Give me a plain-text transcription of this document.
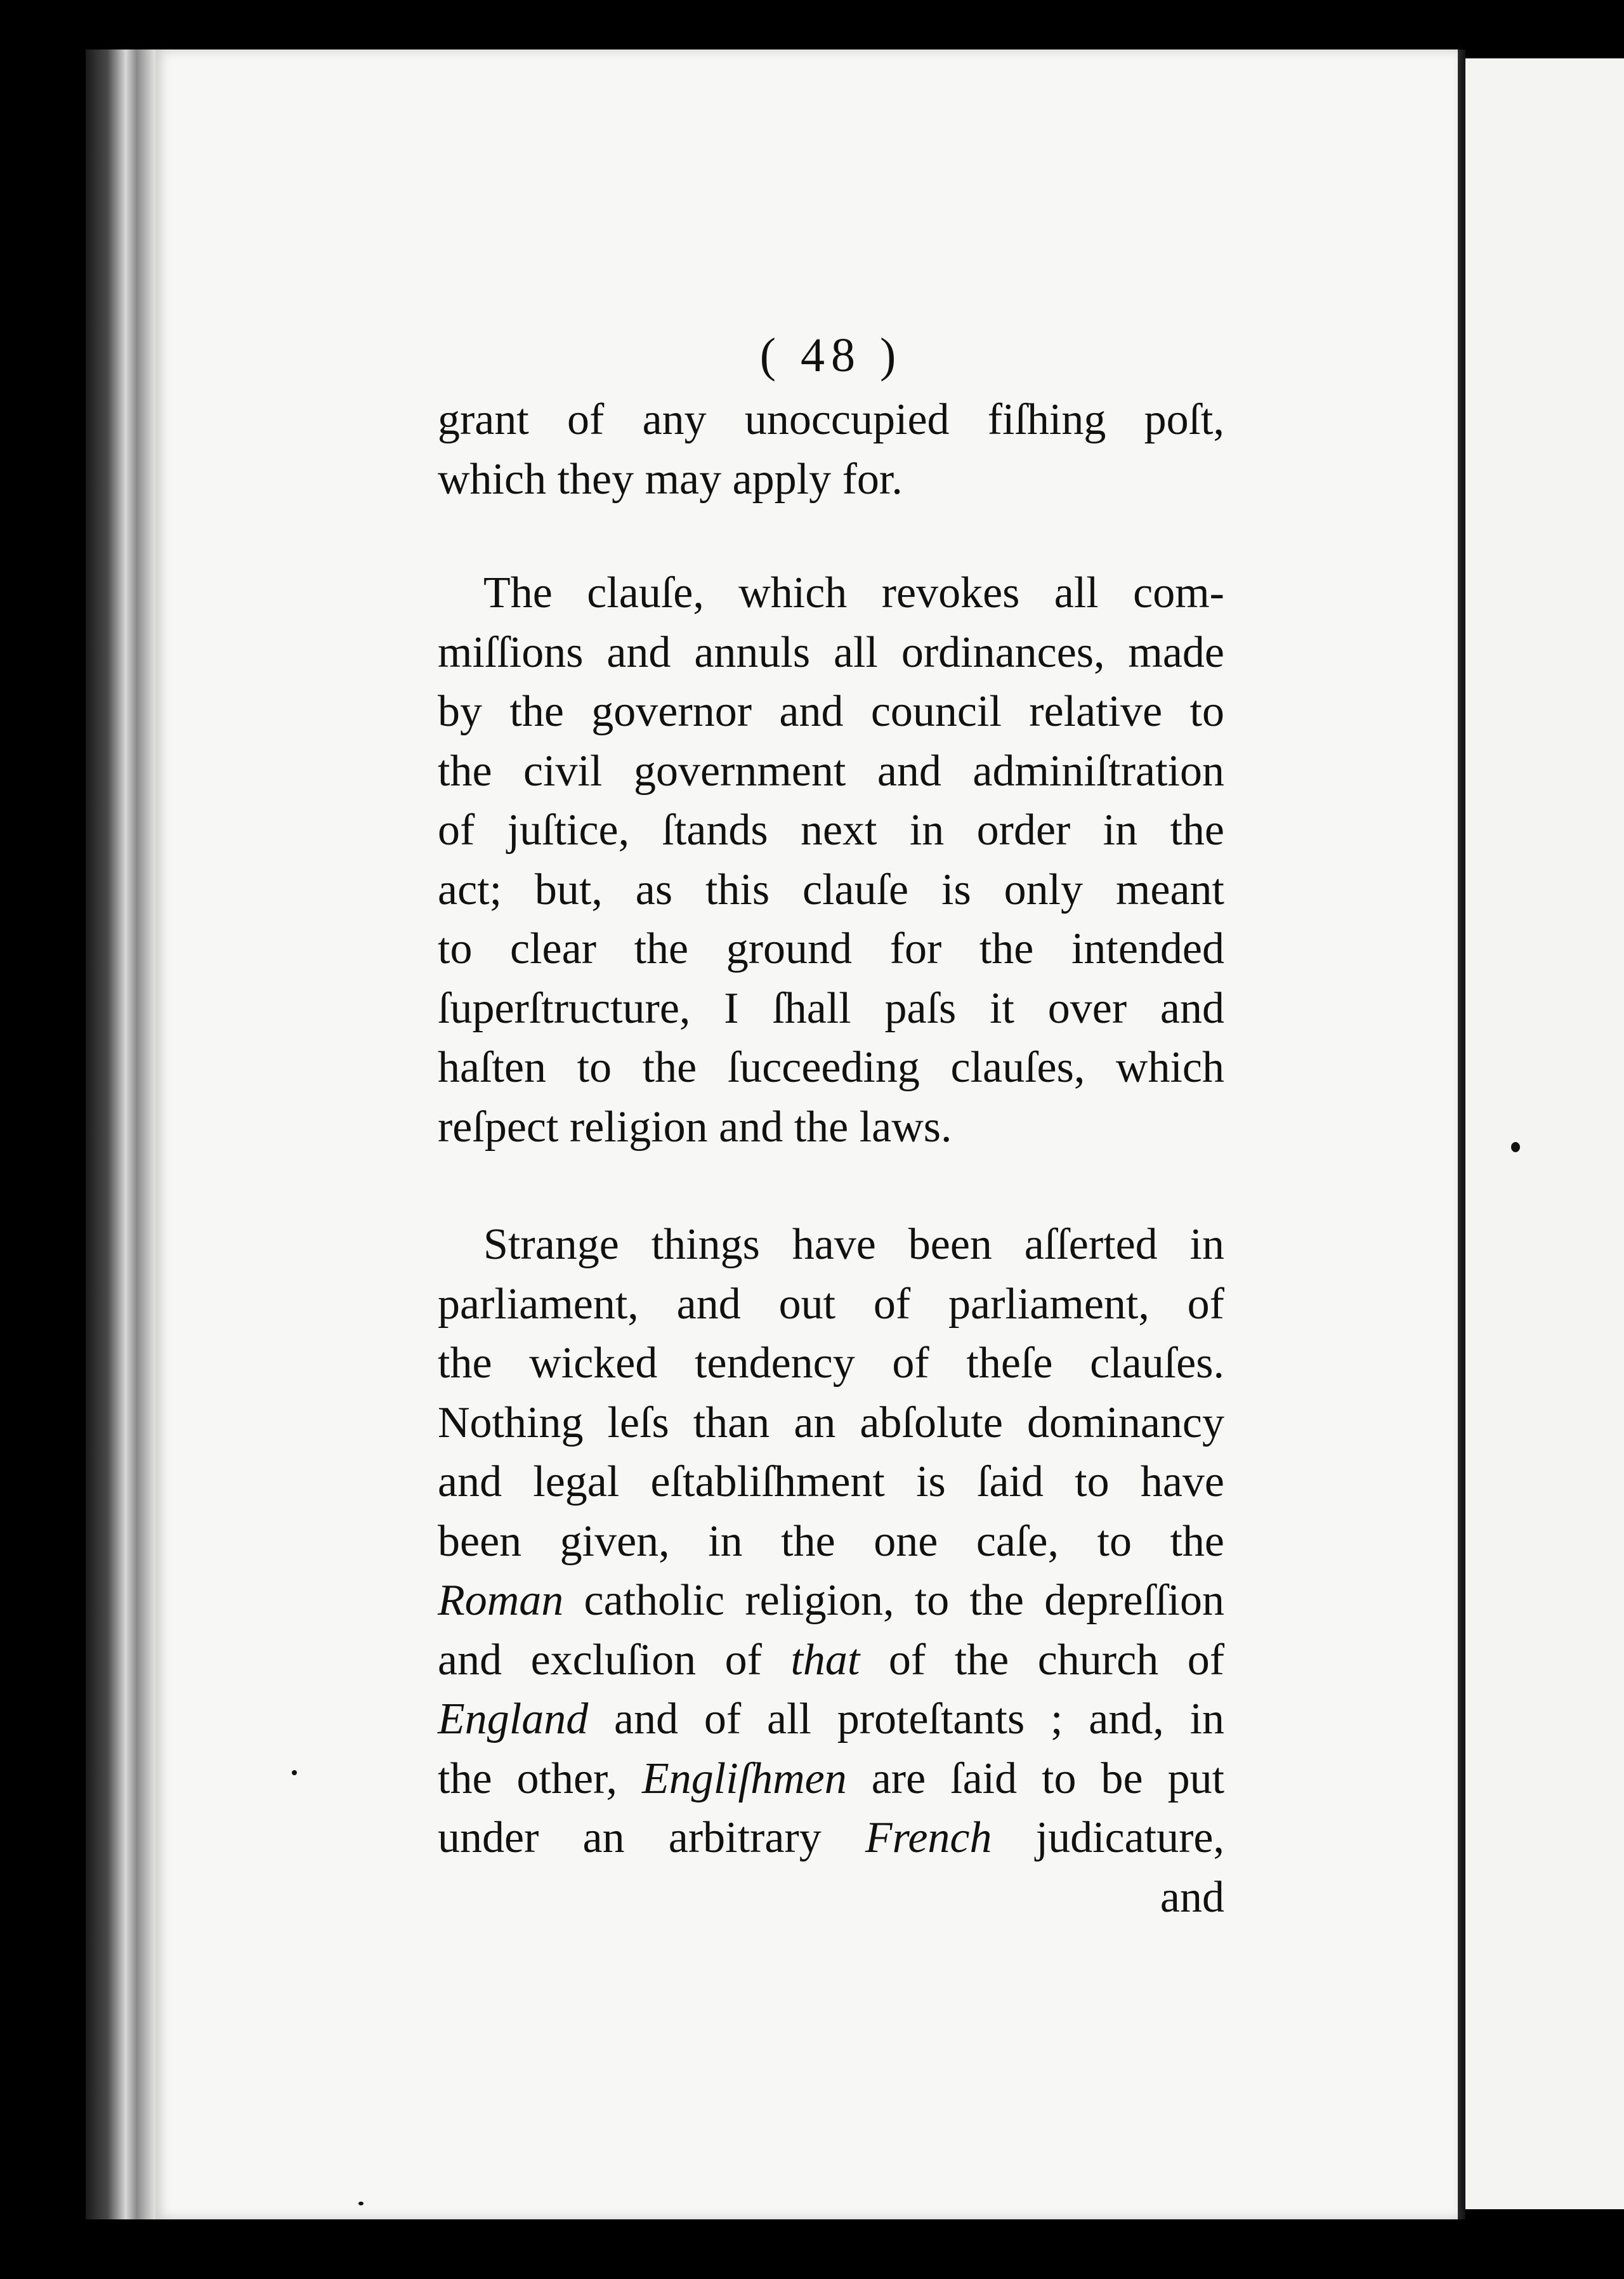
( 48 )

grant of any unoccupied fiſhing poſt,
which they may apply for.

The clauſe, which revokes all com-
miſſions and annuls all ordinances, made
by the governor and council relative to
the civil government and adminiſtration
of juſtice, ſtands next in order in the
act; but, as this clauſe is only meant
to clear the ground for the intended
ſuperſtructure, I ſhall paſs it over and
haſten to the ſucceeding clauſes, which
reſpect religion and the laws.

Strange things have been aſſerted in
parliament, and out of parliament, of
the wicked tendency of theſe clauſes.
Nothing leſs than an abſolute dominancy
and legal eſtabliſhment is ſaid to have
been given, in the one caſe, to the
Roman catholic religion, to the depreſſion
and excluſion of that of the church of
England and of all proteſtants ; and, in
the other, Engliſhmen are ſaid to be put
under an arbitrary French judicature,
and
